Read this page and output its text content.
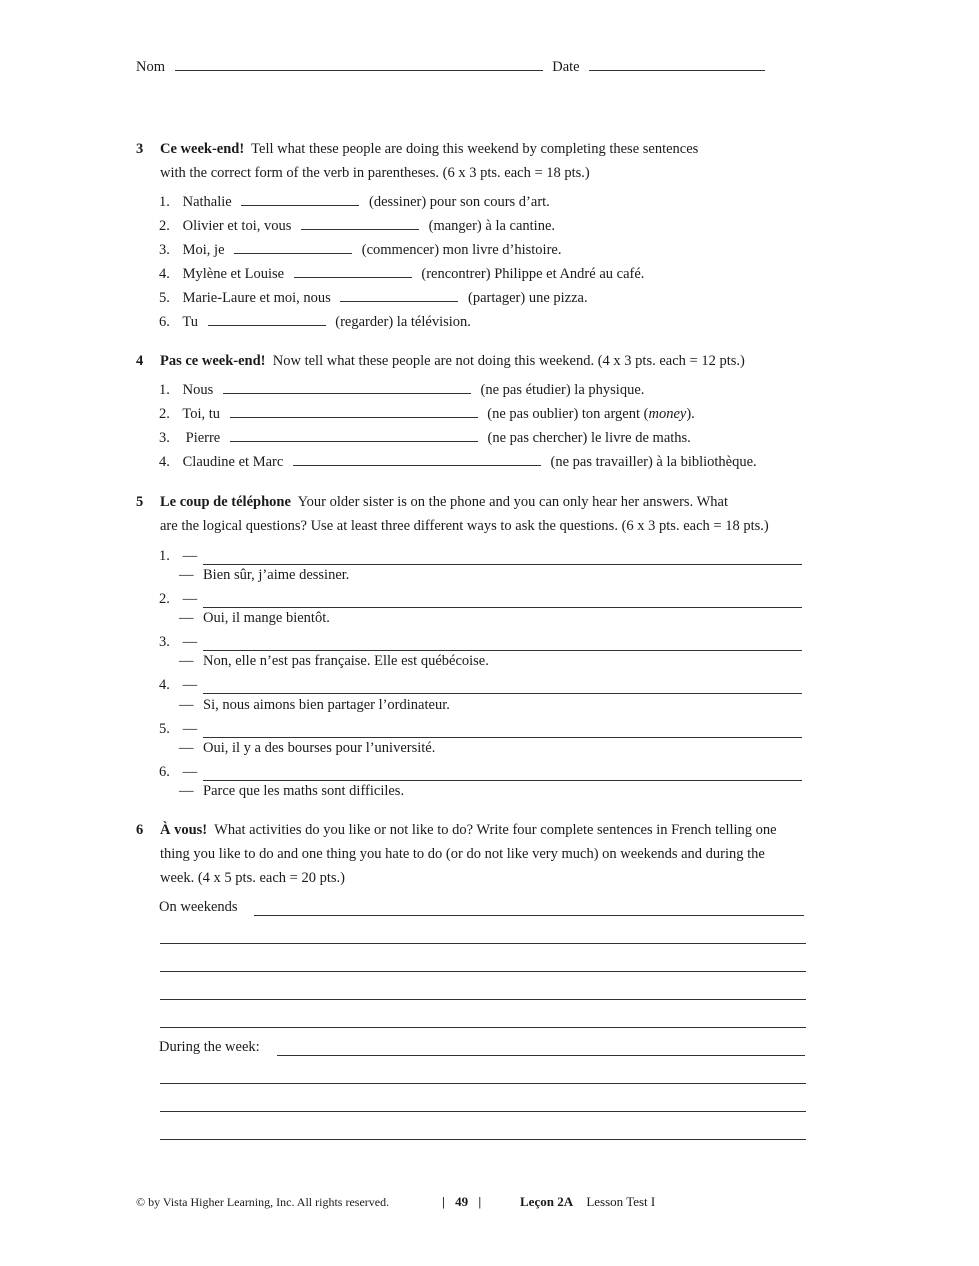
Nom	Date
3 Ce week-end! Tell what these people are doing this weekend by completing these sentences
with the correct form of the verb in parentheses. (6 x 3 pts. each = 18 pts.)
1. Nathalie	(dessiner) pour son cours d’art.
2. Olivier et toi, vous	(manger) à la cantine.
3. Moi, je	(commencer) mon livre d’histoire.
4. Mylène et Louise	(rencontrer) Philippe et André au café.
5. Marie-Laure et moi, nous	(partager) une pizza.
6. Tu	(regarder) la télévision.
4 Pas ce week-end! Now tell what these people are not doing this weekend. (4 x 3 pts. each = 12 pts.)
1. Nous	(ne pas étudier) la physique.
2. Toi, tu	(ne pas oublier) ton argent (money).
3. Pierre	(ne pas chercher) le livre de maths.
4. Claudine et Marc	(ne pas travailler) à la bibliothèque.
5 Le coup de téléphone Your older sister is on the phone and you can only hear her answers. What
are the logical questions? Use at least three different ways to ask the questions. (6 x 3 pts. each = 18 pts.)
1. —
— Bien sûr, j’aime dessiner.
2. —
— Oui, il mange bientôt.
3. —
— Non, elle n’est pas française. Elle est québécoise.
4. —
— Si, nous aimons bien partager l’ordinateur.
5. —
— Oui, il y a des bourses pour l’université.
6. —
— Parce que les maths sont difficiles.
6 À vous! What activities do you like or not like to do? Write four complete sentences in French telling one
thing you like to do and one thing you hate to do (or do not like very much) on weekends and during the
week. (4 x 5 pts. each = 20 pts.)
On weekends
During the week:
© by Vista Higher Learning, Inc. All rights reserved.	| 49 |	Leçon 2A Lesson Test I
